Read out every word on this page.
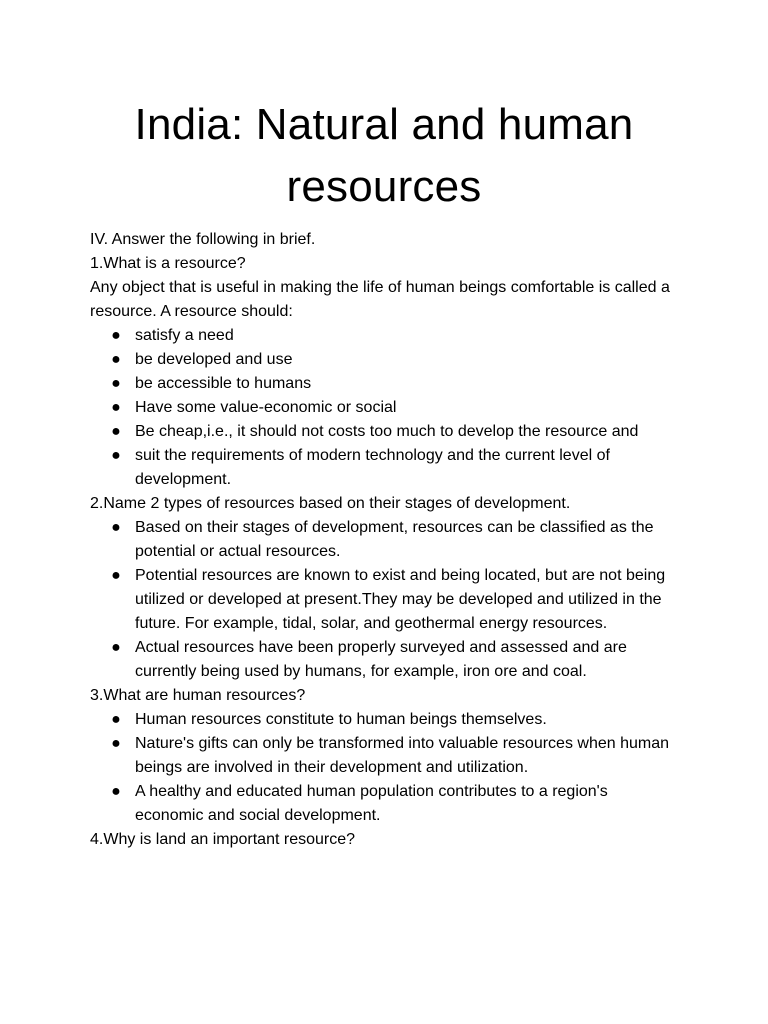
India: Natural and human resources

IV. Answer the following in brief.

1.What is a resource?

Any object that is useful in making the life of human beings comfortable is called a resource. A resource should:

● satisfy a need
● be developed and use
● be accessible to humans
● Have some value-economic or social
● Be cheap,i.e., it should not costs too much to develop the resource and
● suit the requirements of modern technology and the current level of development.

2.Name 2 types of resources based on their stages of development.

● Based on their stages of development, resources can be classified as the potential or actual resources.
● Potential resources are known to exist and being located, but are not being utilized or developed at present.They may be developed and utilized in the future. For example, tidal, solar, and geothermal energy resources.
● Actual resources have been properly surveyed and assessed and are currently being used by humans, for example, iron ore and coal.

3.What are human resources?

● Human resources constitute to human beings themselves.
● Nature's gifts can only be transformed into valuable resources when human beings are involved in their development and utilization.
● A healthy and educated human population contributes to a region's economic and social development.

4.Why is land an important resource?
